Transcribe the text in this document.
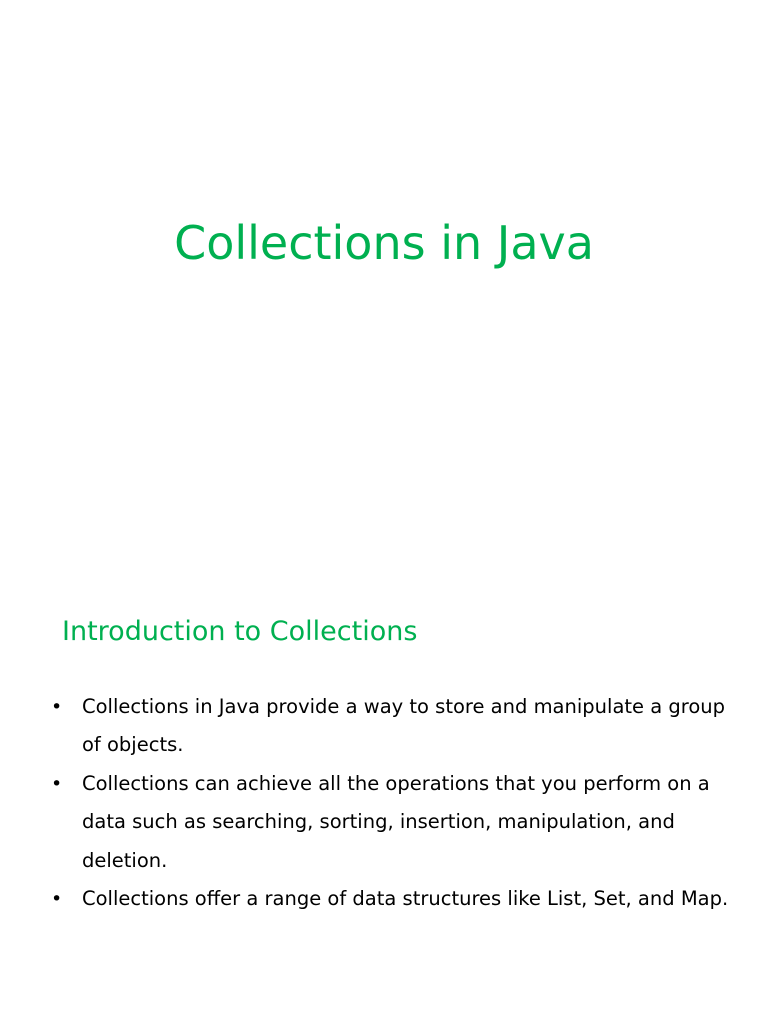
Collections in Java
Introduction to Collections
• Collections in Java provide a way to store and manipulate a group of objects.
• Collections can achieve all the operations that you perform on a data such as searching, sorting, insertion, manipulation, and deletion.
• Collections offer a range of data structures like List, Set, and Map.
